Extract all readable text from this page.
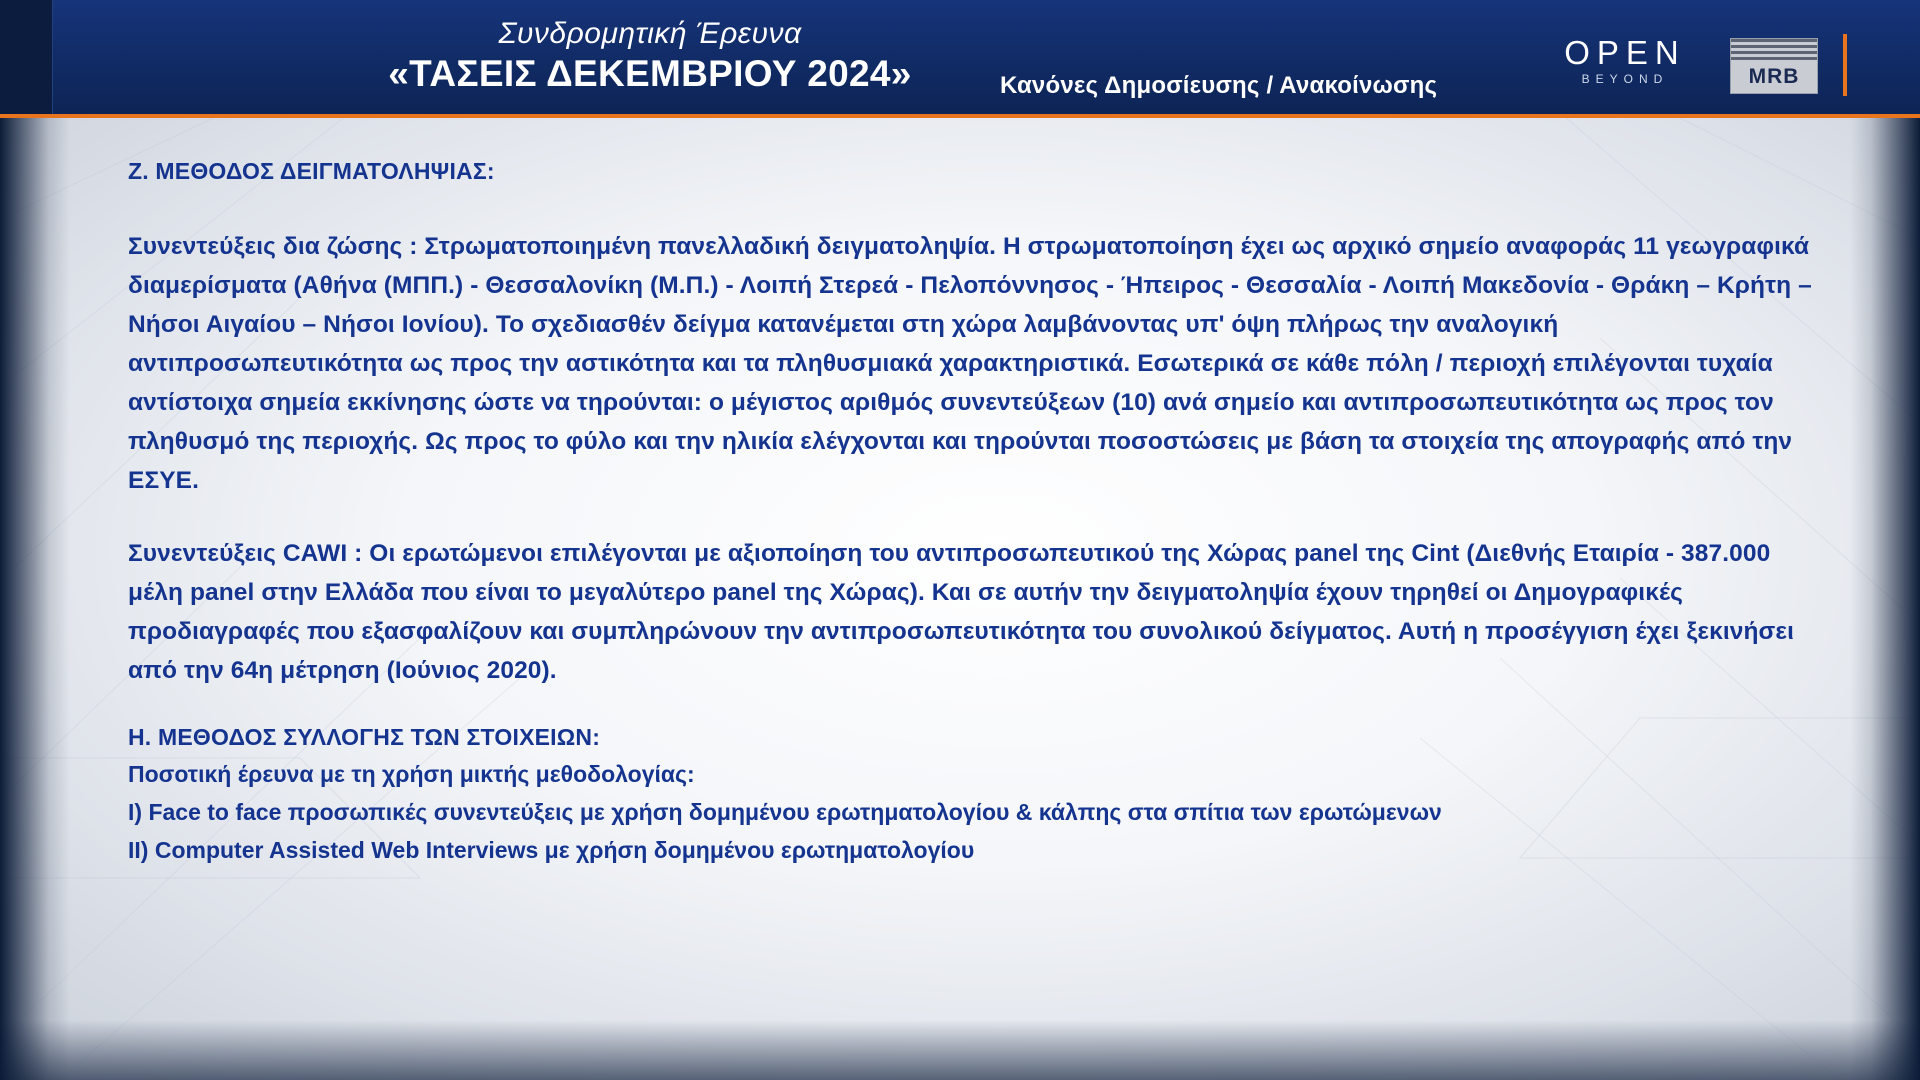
Συνδρομητική Έρευνα
«ΤΑΣΕΙΣ ΔΕΚΕΜΒΡΙΟΥ 2024»	Κανόνες Δημοσίευσης / Ανακοίνωσης
OPEN
BEYOND	MRB
Ζ. ΜΕΘΟΔΟΣ ΔΕΙΓΜΑΤΟΛΗΨΙΑΣ:

Συνεντεύξεις δια ζώσης : Στρωματοποιημένη πανελλαδική δειγματοληψία. Η στρωματοποίηση έχει ως αρχικό σημείο αναφοράς 11 γεωγραφικά διαμερίσματα (Αθήνα (ΜΠΠ.) - Θεσσαλονίκη (Μ.Π.) - Λοιπή Στερεά - Πελοπόννησος - Ήπειρος - Θεσσαλία - Λοιπή Μακεδονία - Θράκη – Κρήτη – Νήσοι Αιγαίου – Νήσοι Ιονίου). Το σχεδιασθέν δείγμα κατανέμεται στη χώρα λαμβάνοντας υπ' όψη πλήρως την αναλογική αντιπροσωπευτικότητα ως προς την αστικότητα και τα πληθυσμιακά χαρακτηριστικά. Εσωτερικά σε κάθε πόλη / περιοχή επιλέγονται τυχαία αντίστοιχα σημεία εκκίνησης ώστε να τηρούνται: ο μέγιστος αριθμός συνεντεύξεων (10) ανά σημείο και αντιπροσωπευτικότητα ως προς τον πληθυσμό της περιοχής. Ως προς το φύλο και την ηλικία ελέγχονται και τηρούνται ποσοστώσεις με βάση τα στοιχεία της απογραφής από την ΕΣΥΕ.

Συνεντεύξεις CAWI : Οι ερωτώμενοι επιλέγονται με αξιοποίηση του αντιπροσωπευτικού της Χώρας panel της Cint (Διεθνής Εταιρία - 387.000 μέλη panel στην Ελλάδα που είναι το μεγαλύτερο panel της Χώρας). Και σε αυτήν την δειγματοληψία έχουν τηρηθεί οι Δημογραφικές προδιαγραφές που εξασφαλίζουν και συμπληρώνουν την αντιπροσωπευτικότητα του συνολικού δείγματος. Αυτή η προσέγγιση έχει ξεκινήσει από την 64η μέτρηση (Ιούνιος 2020).

Η. ΜΕΘΟΔΟΣ ΣΥΛΛΟΓΗΣ ΤΩΝ ΣΤΟΙΧΕΙΩΝ:

Ποσοτική έρευνα με τη χρήση μικτής μεθοδολογίας:

I) Face to face προσωπικές συνεντεύξεις με χρήση δομημένου ερωτηματολογίου & κάλπης στα σπίτια των ερωτώμενων

II) Computer Assisted Web Interviews με χρήση δομημένου ερωτηματολογίου
